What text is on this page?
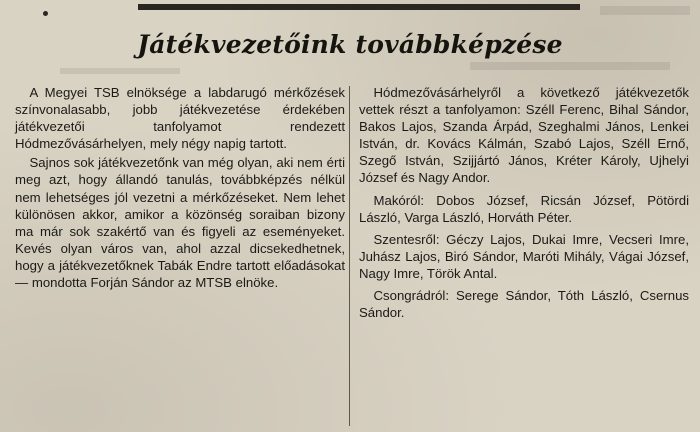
Játékvezetőink továbbképzése

A Megyei TSB elnöksége a labdarugó mérkőzések színvonalasabb, jobb játékvezetése érdekében játékvezetői tanfolyamot rendezett Hódmezővásárhelyen, mely négy napig tartott.

Sajnos sok játékvezetőnk van még olyan, aki nem érti meg azt, hogy állandó tanulás, továbbképzés nélkül nem lehetséges jól vezetni a mérkőzéseket. Nem lehet különösen akkor, amikor a közönség soraiban bizony ma már sok szakértő van és figyeli az eseményeket. Kevés olyan város van, ahol azzal dicsekedhetnek, hogy a játékvezetőknek Tabák Endre tartott előadásokat — mondotta Forján Sándor az MTSB elnöke.

Hódmezővásárhelyről a következő játékvezetők vettek részt a tanfolyamon: Széll Ferenc, Bihal Sándor, Bakos Lajos, Szanda Árpád, Szeghalmi János, Lenkei István, dr. Kovács Kálmán, Szabó Lajos, Széll Ernő, Szegő István, Szijjártó János, Kréter Károly, Ujhelyi József és Nagy Andor.

Makóról: Dobos József, Ricsán József, Pötördi László, Varga László, Horváth Péter.

Szentesről: Géczy Lajos, Dukai Imre, Vecseri Imre, Juhász Lajos, Biró Sándor, Maróti Mihály, Vágai József, Nagy Imre, Török Antal.

Csongrádról: Serege Sándor, Tóth László, Csernus Sándor.
